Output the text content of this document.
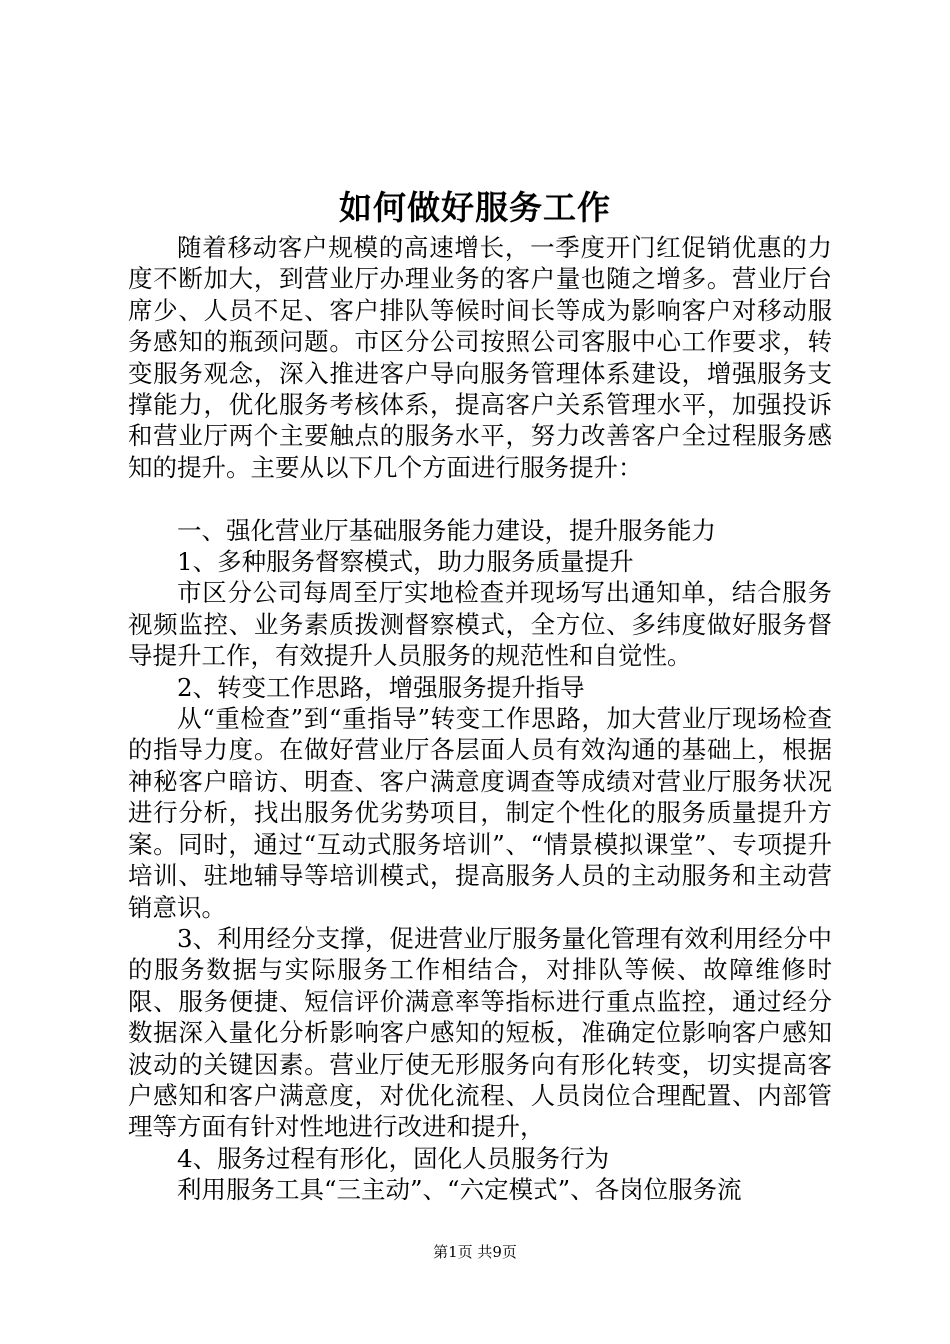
如何做好服务工作

随着移动客户规模的高速增长，一季度开门红促销优惠的力度不断加大，到营业厅办理业务的客户量也随之增多。营业厅台席少、人员不足、客户排队等候时间长等成为影响客户对移动服务感知的瓶颈问题。市区分公司按照公司客服中心工作要求，转变服务观念，深入推进客户导向服务管理体系建设，增强服务支撑能力，优化服务考核体系，提高客户关系管理水平，加强投诉和营业厅两个主要触点的服务水平，努力改善客户全过程服务感知的提升。主要从以下几个方面进行服务提升：

一、强化营业厅基础服务能力建设，提升服务能力

1、多种服务督察模式，助力服务质量提升

市区分公司每周至厅实地检查并现场写出通知单，结合服务视频监控、业务素质拨测督察模式，全方位、多纬度做好服务督导提升工作，有效提升人员服务的规范性和自觉性。

2、转变工作思路，增强服务提升指导

从“重检查”到“重指导”转变工作思路，加大营业厅现场检查的指导力度。在做好营业厅各层面人员有效沟通的基础上，根据神秘客户暗访、明查、客户满意度调查等成绩对营业厅服务状况进行分析，找出服务优劣势项目，制定个性化的服务质量提升方案。同时，通过“互动式服务培训”、“情景模拟课堂”、专项提升培训、驻地辅导等培训模式，提高服务人员的主动服务和主动营销意识。

3、利用经分支撑，促进营业厅服务量化管理有效利用经分中的服务数据与实际服务工作相结合，对排队等候、故障维修时限、服务便捷、短信评价满意率等指标进行重点监控，通过经分数据深入量化分析影响客户感知的短板，准确定位影响客户感知波动的关键因素。营业厅使无形服务向有形化转变，切实提高客户感知和客户满意度，对优化流程、人员岗位合理配置、内部管理等方面有针对性地进行改进和提升，

4、服务过程有形化，固化人员服务行为

利用服务工具“三主动”、“六定模式”、各岗位服务流

第1页 共9页
